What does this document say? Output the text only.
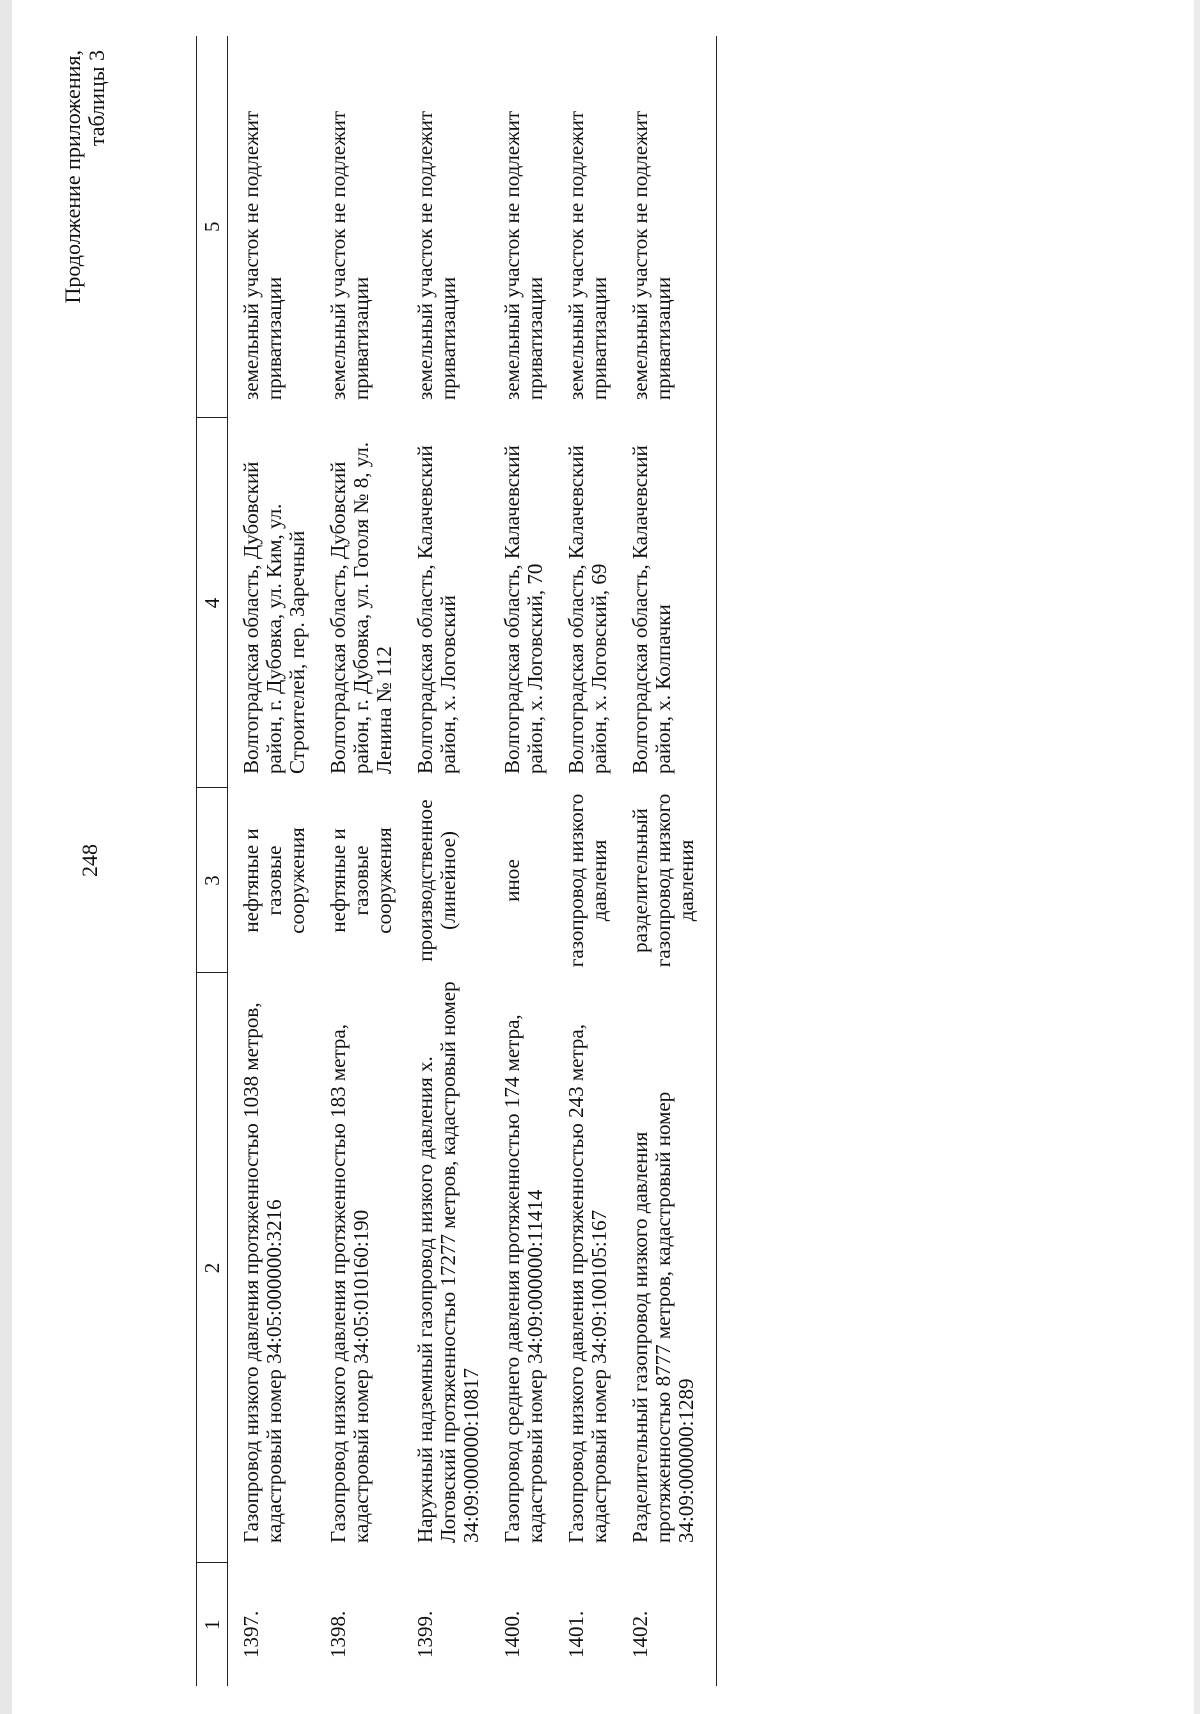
248
Продолжение приложения, таблицы 3
1	2	3	4	5
1397.	Газопровод низкого давления протяженностью 1038 метров, кадастровый номер 34:05:000000:3216	нефтяные и газовые сооружения	Волгоградская область, Дубовский район, г. Дубовка, ул. Ким, ул. Строителей, пер. Заречный	земельный участок не подлежит приватизации
1398.	Газопровод низкого давления протяженностью 183 метра, кадастровый номер 34:05:010160:190	нефтяные и газовые сооружения	Волгоградская область, Дубовский район, г. Дубовка, ул. Гоголя № 8, ул. Ленина № 112	земельный участок не подлежит приватизации
1399.	Наружный надземный газопровод низкого давления х. Логовский протяженностью 17277 метров, кадастровый номер 34:09:000000:10817	производственное (линейное)	Волгоградская область, Калачевский район, х. Логовский	земельный участок не подлежит приватизации
1400.	Газопровод среднего давления протяженностью 174 метра, кадастровый номер 34:09:000000:11414	иное	Волгоградская область, Калачевский район, х. Логовский, 70	земельный участок не подлежит приватизации
1401.	Газопровод низкого давления протяженностью 243 метра, кадастровый номер 34:09:100105:167	газопровод низкого давления	Волгоградская область, Калачевский район, х. Логовский, 69	земельный участок не подлежит приватизации
1402.	Разделительный газопровод низкого давления протяженностью 8777 метров, кадастровый номер 34:09:000000:1289	разделительный газопровод низкого давления	Волгоградская область, Калачевский район, х. Колпачки	земельный участок не подлежит приватизации
